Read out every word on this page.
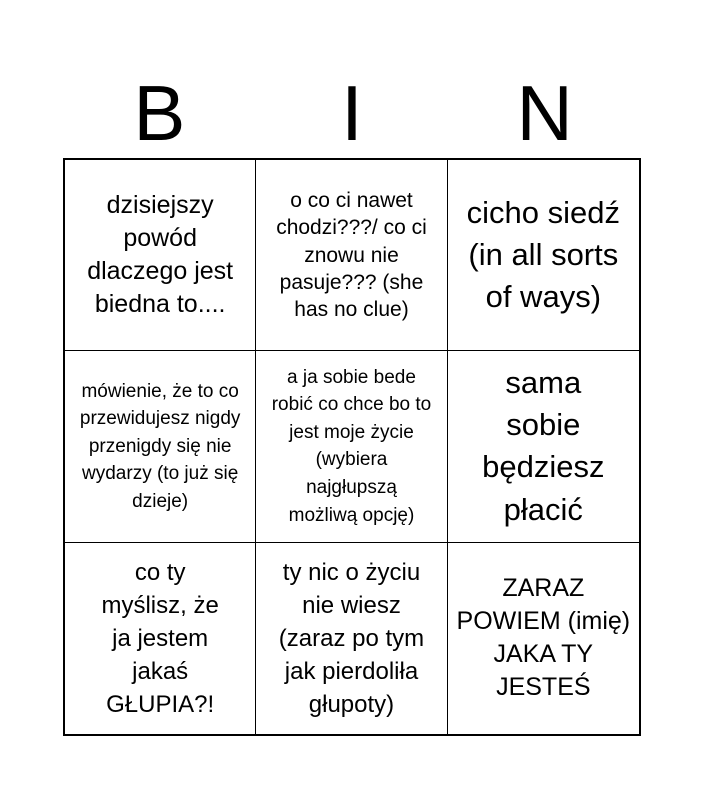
B	I	N
dzisiejszy powód dlaczego jest biedna to....
o co ci nawet chodzi???/ co ci znowu nie pasuje??? (she has no clue)
cicho siedź (in all sorts of ways)
mówienie, że to co przewidujesz nigdy przenigdy się nie wydarzy (to już się dzieje)
a ja sobie bede robić co chce bo to jest moje życie (wybiera najgłupszą możliwą opcję)
sama sobie będziesz płacić
co ty myślisz, że ja jestem jakaś GŁUPIA?!
ty nic o życiu nie wiesz (zaraz po tym jak pierdoliła głupoty)
ZARAZ POWIEM (imię) JAKA TY JESTEŚ
